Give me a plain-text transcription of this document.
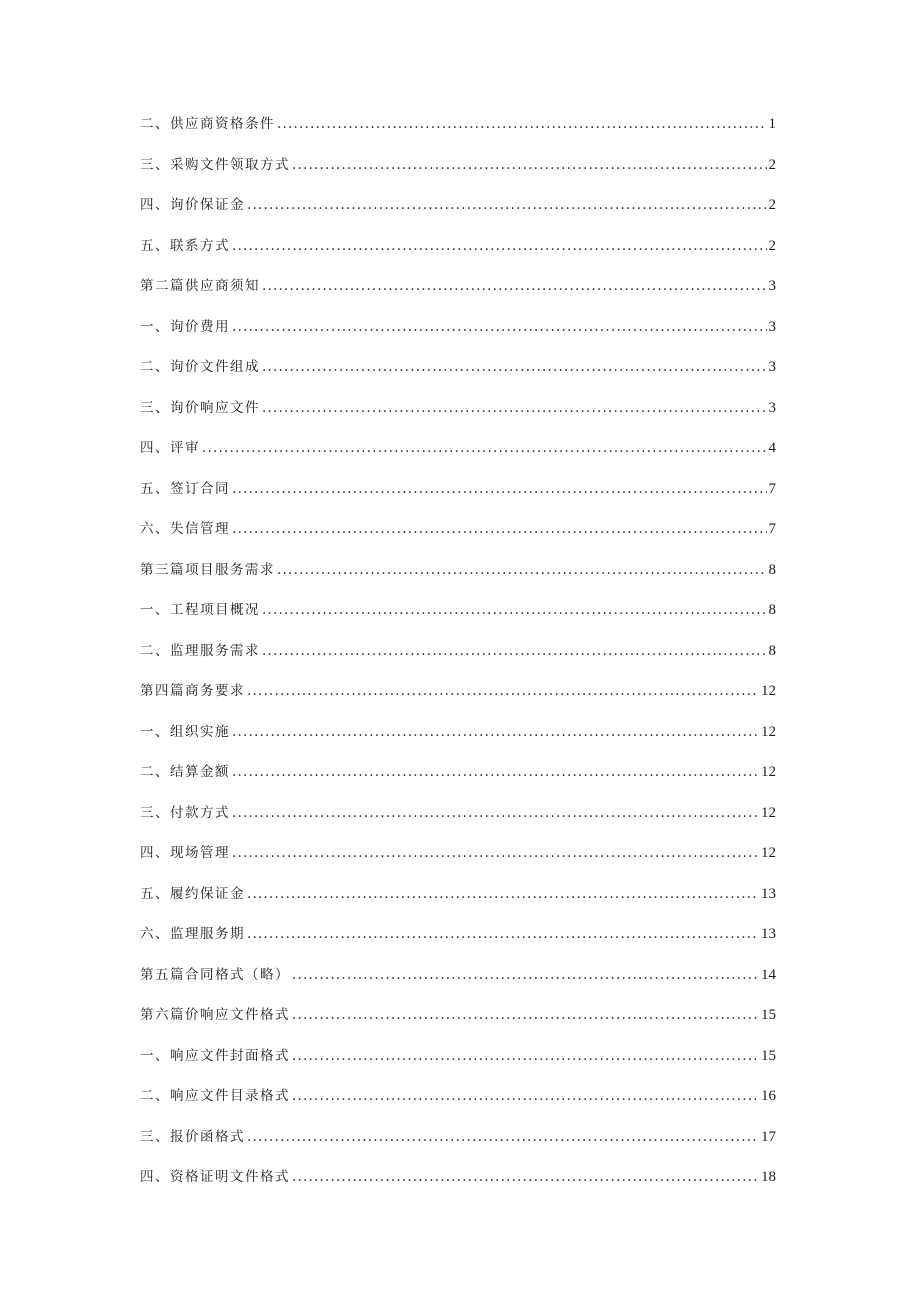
二、供应商资格条件 .....	1
三、采购文件领取方式 .....	2
四、询价保证金 .....	2
五、联系方式 .....	2
第二篇供应商须知 .....	3
一、询价费用 .....	3
二、询价文件组成 .....	3
三、询价响应文件 .....	3
四、评审 .....	4
五、签订合同 .....	7
六、失信管理 .....	7
第三篇项目服务需求 .....	8
一、工程项目概况 .....	8
二、监理服务需求 .....	8
第四篇商务要求 .....	12
一、组织实施 .....	12
二、结算金额 .....	12
三、付款方式 .....	12
四、现场管理 .....	12
五、履约保证金 .....	13
六、监理服务期 .....	13
第五篇合同格式（略） .....	14
第六篇价响应文件格式 .....	15
一、响应文件封面格式 .....	15
二、响应文件目录格式 .....	16
三、报价函格式 .....	17
四、资格证明文件格式 .....	18
